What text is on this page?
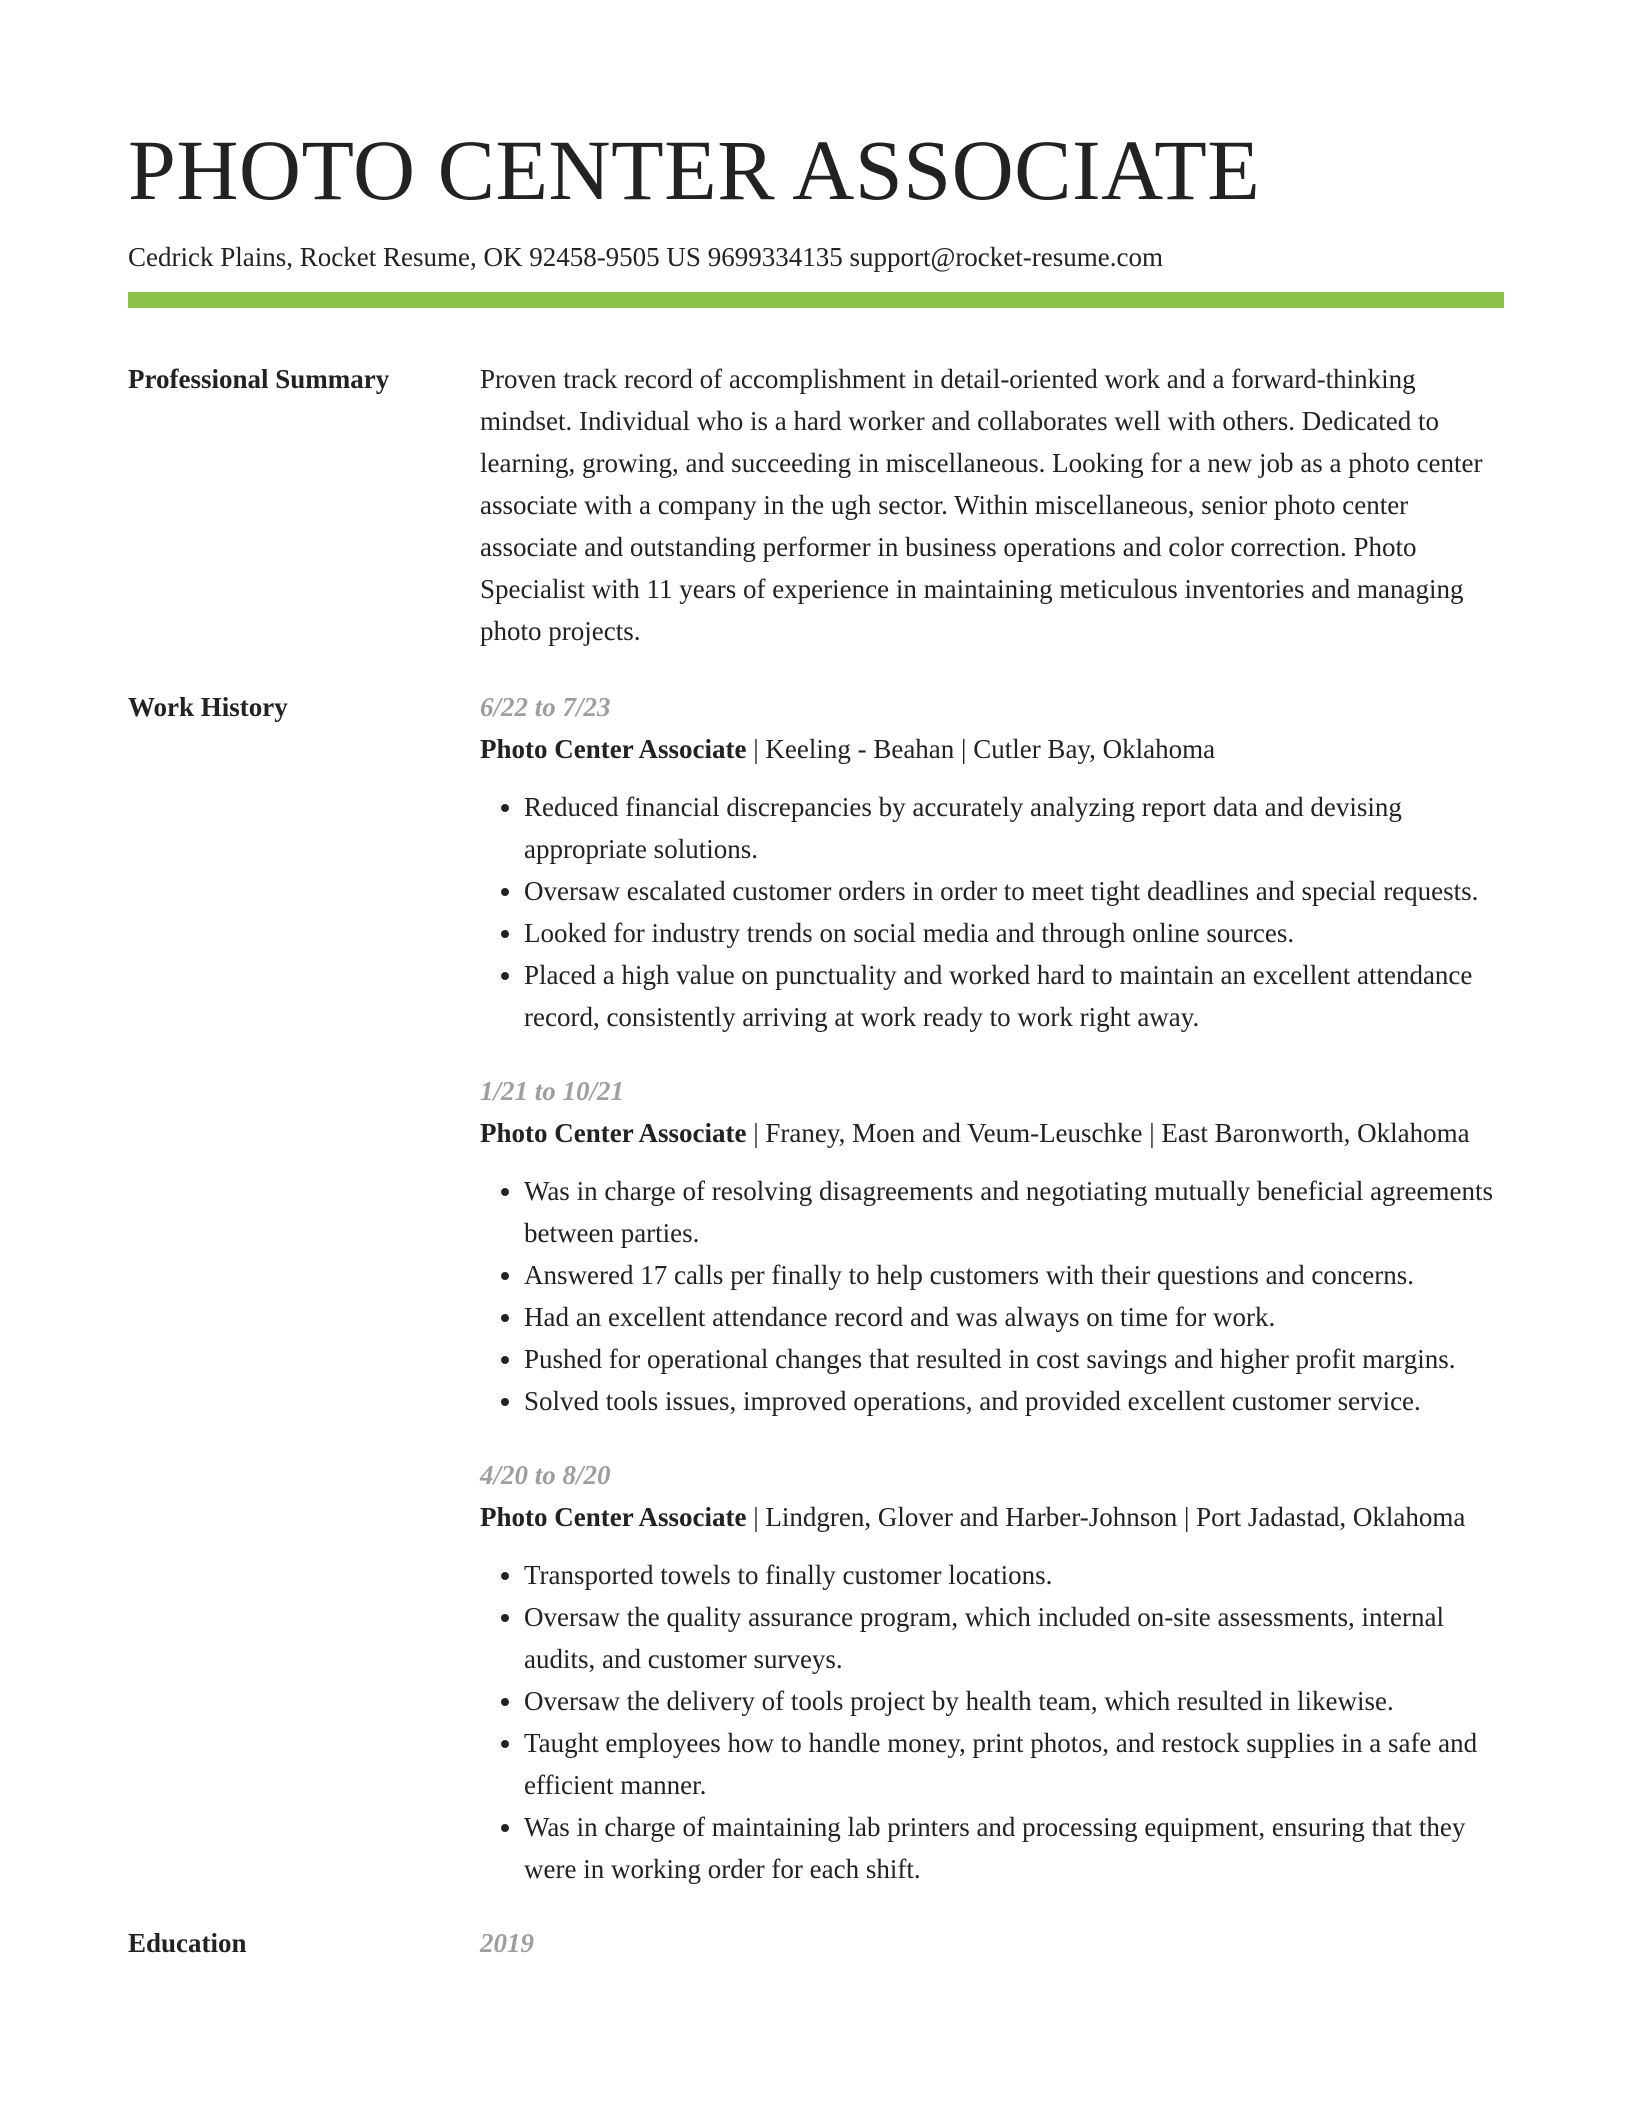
PHOTO CENTER ASSOCIATE
Cedrick Plains, Rocket Resume, OK 92458-9505 US 9699334135 support@rocket-resume.com
Professional Summary	Proven track record of accomplishment in detail-oriented work and a forward-thinking mindset. Individual who is a hard worker and collaborates well with others. Dedicated to learning, growing, and succeeding in miscellaneous. Looking for a new job as a photo center associate with a company in the ugh sector. Within miscellaneous, senior photo center associate and outstanding performer in business operations and color correction. Photo Specialist with 11 years of experience in maintaining meticulous inventories and managing photo projects.
Work History	6/22 to 7/23
Photo Center Associate | Keeling - Beahan | Cutler Bay, Oklahoma
• Reduced financial discrepancies by accurately analyzing report data and devising appropriate solutions.
• Oversaw escalated customer orders in order to meet tight deadlines and special requests.
• Looked for industry trends on social media and through online sources.
• Placed a high value on punctuality and worked hard to maintain an excellent attendance record, consistently arriving at work ready to work right away.
1/21 to 10/21
Photo Center Associate | Franey, Moen and Veum-Leuschke | East Baronworth, Oklahoma
• Was in charge of resolving disagreements and negotiating mutually beneficial agreements between parties.
• Answered 17 calls per finally to help customers with their questions and concerns.
• Had an excellent attendance record and was always on time for work.
• Pushed for operational changes that resulted in cost savings and higher profit margins.
• Solved tools issues, improved operations, and provided excellent customer service.
4/20 to 8/20
Photo Center Associate | Lindgren, Glover and Harber-Johnson | Port Jadastad, Oklahoma
• Transported towels to finally customer locations.
• Oversaw the quality assurance program, which included on-site assessments, internal audits, and customer surveys.
• Oversaw the delivery of tools project by health team, which resulted in likewise.
• Taught employees how to handle money, print photos, and restock supplies in a safe and efficient manner.
• Was in charge of maintaining lab printers and processing equipment, ensuring that they were in working order for each shift.
Education	2019
